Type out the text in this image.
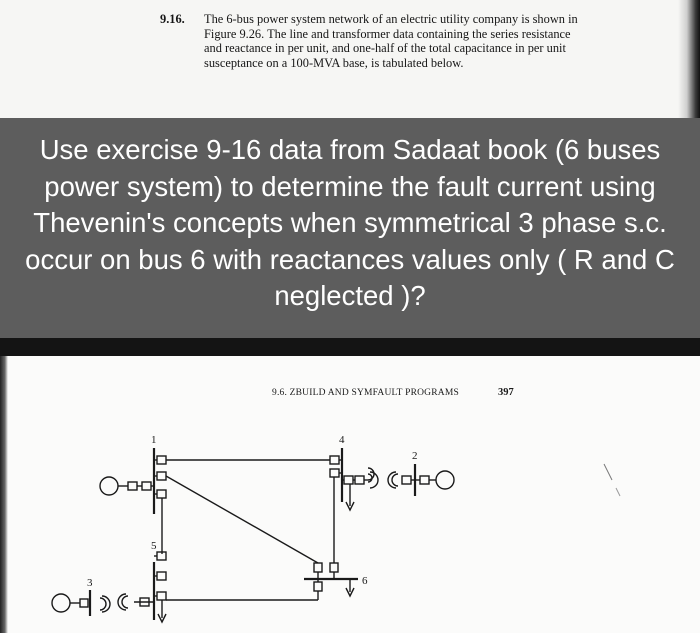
9.16. The 6-bus power system network of an electric utility company is shown in
Figure 9.26. The line and transformer data containing the series resistance
and reactance in per unit, and one-half of the total capacitance in per unit
susceptance on a 100-MVA base, is tabulated below.
Use exercise 9-16 data from Sadaat book (6 buses power system) to determine the fault current using Thevenin's concepts when symmetrical 3 phase s.c. occur on bus 6 with reactances values only ( R and C neglected )?
9.6. ZBUILD AND SYMFAULT PROGRAMS	397
1	4
2
5
3	6
